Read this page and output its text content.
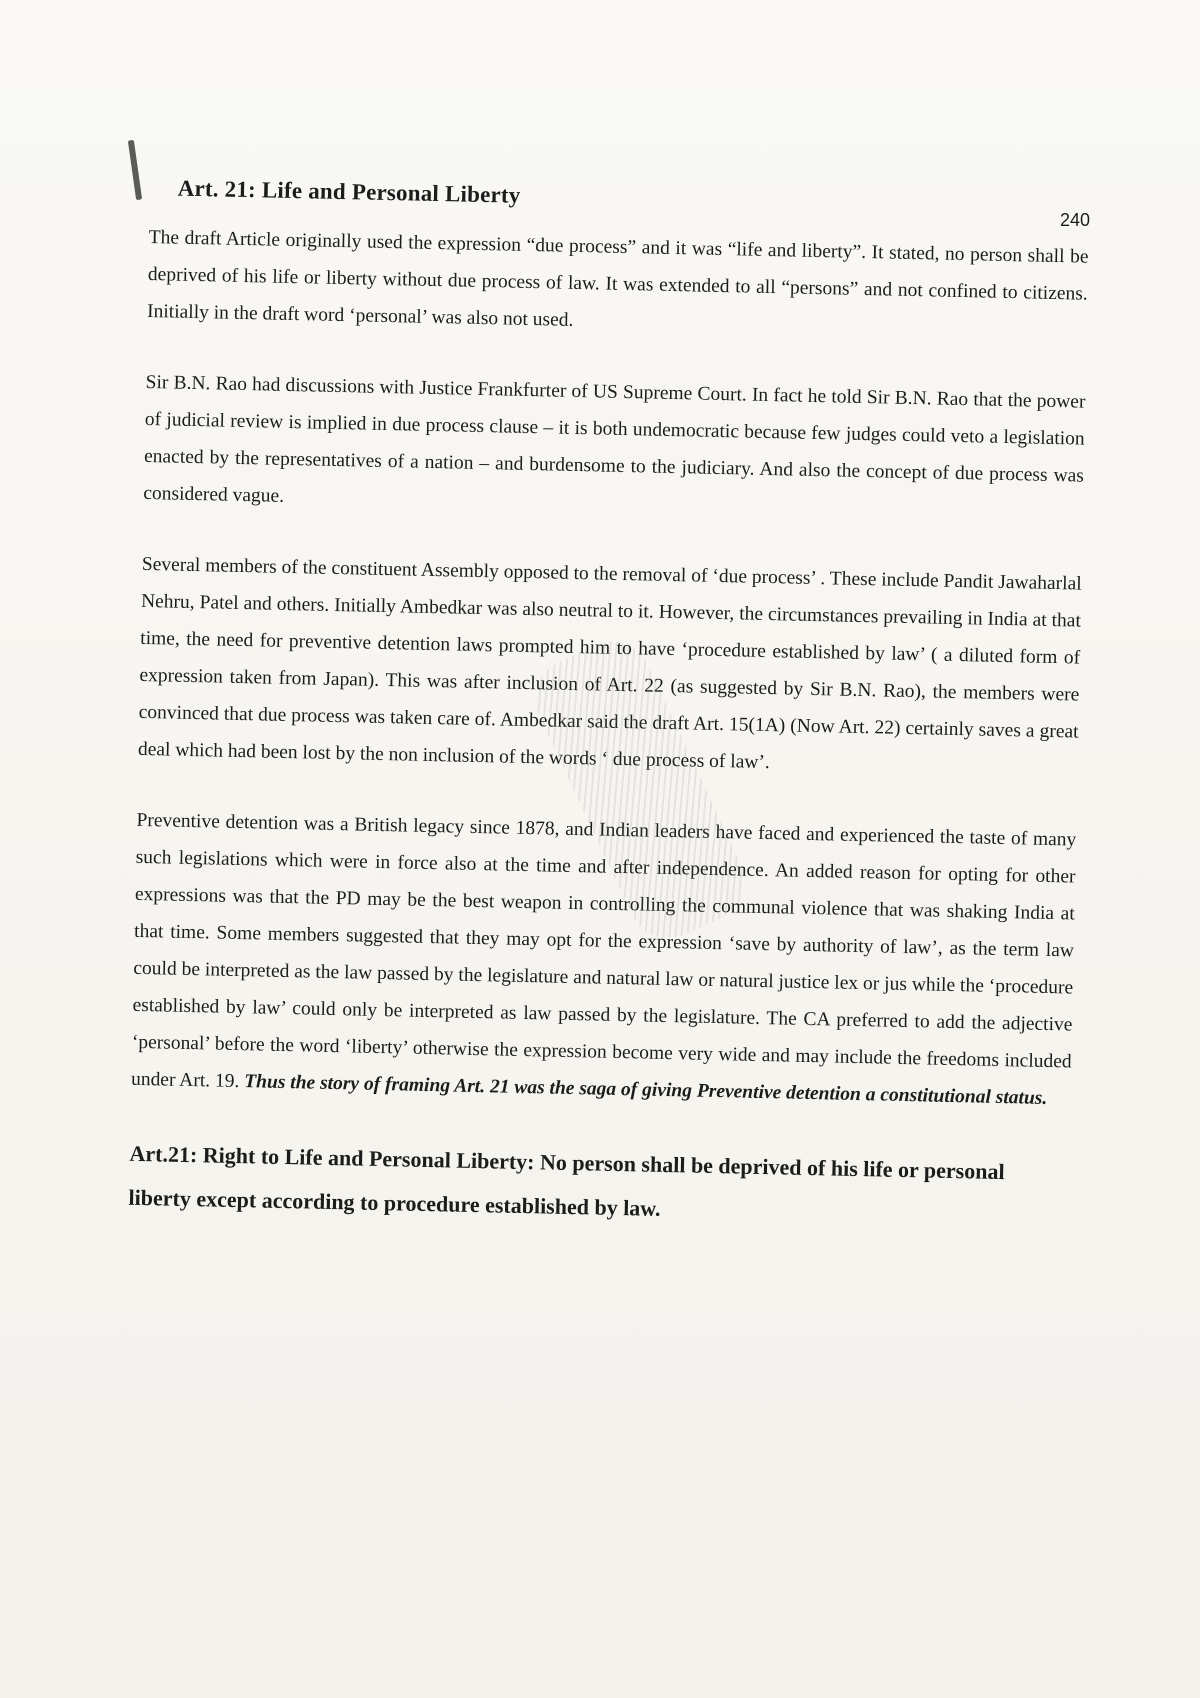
240
Art. 21: Life and Personal Liberty

The draft Article originally used the expression “due process” and it was “life and liberty”. It stated, no person shall be deprived of his life or liberty without due process of law. It was extended to all “persons” and not confined to citizens. Initially in the draft word ‘personal’ was also not used.

Sir B.N. Rao had discussions with Justice Frankfurter of US Supreme Court. In fact he told Sir B.N. Rao that the power of judicial review is implied in due process clause – it is both undemocratic because few judges could veto a legislation enacted by the representatives of a nation – and burdensome to the judiciary. And also the concept of due process was considered vague.

Several members of the constituent Assembly opposed to the removal of ‘due process’ . These include Pandit Jawaharlal Nehru, Patel and others. Initially Ambedkar was also neutral to it. However, the circumstances prevailing in India at that time, the need for preventive detention laws prompted him to have ‘procedure established by law’ ( a diluted form of expression taken from Japan). This was after inclusion of Art. 22 (as suggested by Sir B.N. Rao), the members were convinced that due process was taken care of. Ambedkar said the draft Art. 15(1A) (Now Art. 22) certainly saves a great deal which had been lost by the non inclusion of the words ‘ due process of law’.

Preventive detention was a British legacy since 1878, and Indian leaders have faced and experienced the taste of many such legislations which were in force also at the time and after independence. An added reason for opting for other expressions was that the PD may be the best weapon in controlling the communal violence that was shaking India at that time. Some members suggested that they may opt for the expression ‘save by authority of law’, as the term law could be interpreted as the law passed by the legislature and natural law or natural justice lex or jus while the ‘procedure established by law’ could only be interpreted as law passed by the legislature. The CA preferred to add the adjective ‘personal’ before the word ‘liberty’ otherwise the expression become very wide and may include the freedoms included under Art. 19. Thus the story of framing Art. 21 was the saga of giving Preventive detention a constitutional status.

Art.21: Right to Life and Personal Liberty: No person shall be deprived of his life or personal liberty except according to procedure established by law.
